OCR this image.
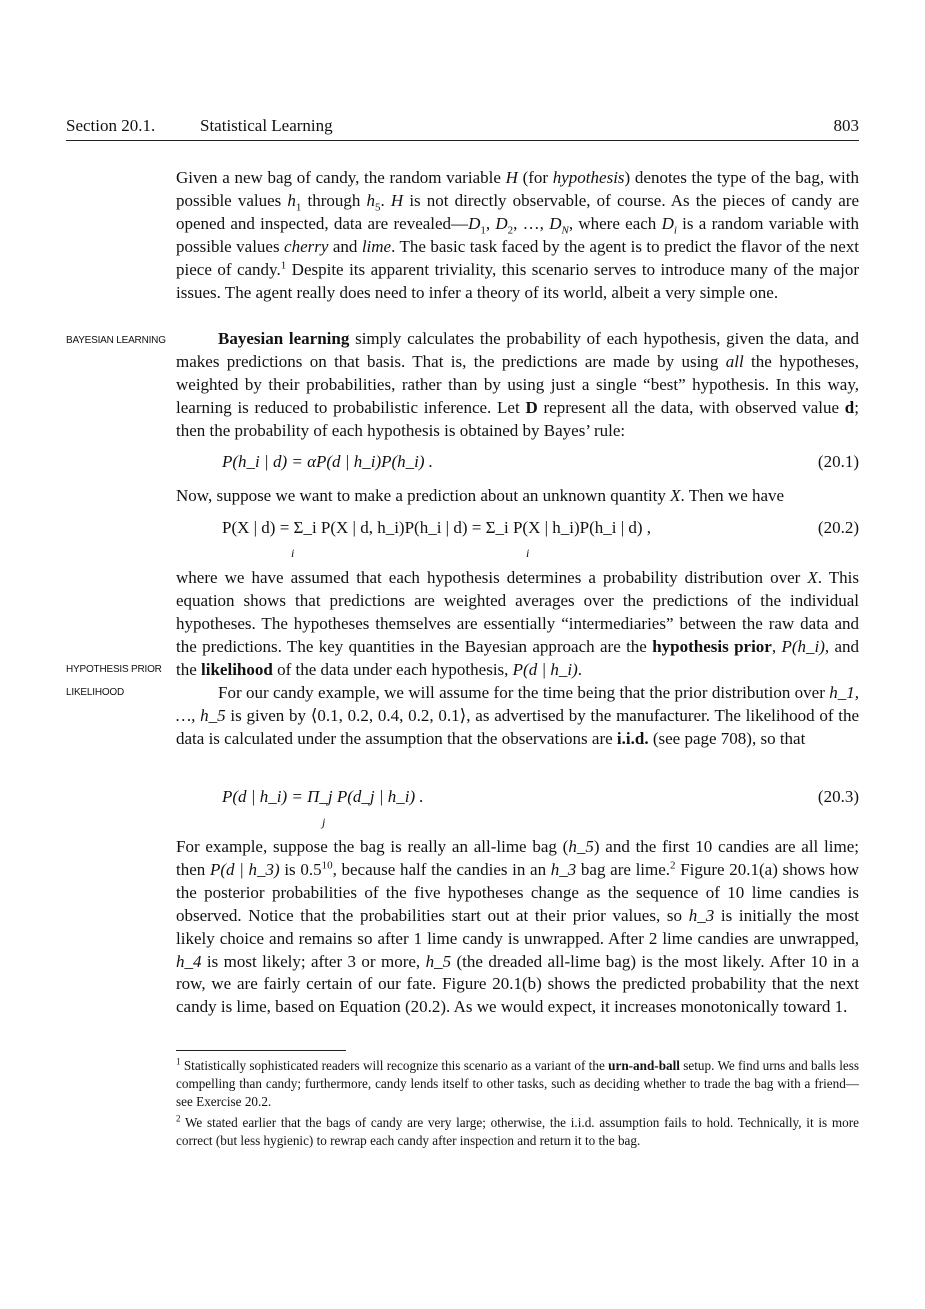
Section 20.1.	Statistical Learning	803
BAYESIAN LEARNING
HYPOTHESIS PRIOR
LIKELIHOOD

Given a new bag of candy, the random variable H (for hypothesis) denotes the type of the bag, with possible values $h_1$ through $h_5$. H is not directly observable, of course. As the pieces of candy are opened and inspected, data are $revealed—D_1$, $D_2$, …, $D_N$, where each $D_i$ is a random variable with possible values cherry and lime. The basic task faced by the agent is to predict the flavor of the next piece of candy.$^1$ Despite its apparent triviality, this scenario serves to introduce many of the major issues. The agent really does need to infer a theory of its world, albeit a very simple one.

Bayesian learning simply calculates the probability of each hypothesis, given the data, and makes predictions on that basis. That is, the predictions are made by using all the hypotheses, weighted by their probabilities, rather than by using just a single “best” hypothesis. In this way, learning is reduced to probabilistic inference. Let D represent all the data, with observed value d; then the probability of each hypothesis is obtained by Bayes’ rule:

P(h_i | d) = αP(d | h_i)P(h_i) .	(20.1)

Now, suppose we want to make a prediction about an unknown quantity X. Then we have

P(X | d) = Σ_i P(X | d, h_i)P(h_i | d) = Σ_i P(X | h_i)P(h_i | d) ,	(20.2)
i	i

where we have assumed that each hypothesis determines a probability distribution over X. This equation shows that predictions are weighted averages over the predictions of the individual hypotheses. The hypotheses themselves are essentially “intermediaries” between the raw data and the predictions. The key quantities in the Bayesian approach are the hypothesis prior, P(h_i), and the likelihood of the data under each hypothesis, P(d | h_i).

For our candy example, we will assume for the time being that the prior distribution over h_1, …, h_5 is given by ⟨0.1, 0.2, 0.4, 0.2, 0.1⟩, as advertised by the manufacturer. The likelihood of the data is calculated under the assumption that the observations are i.i.d. (see page 708), so that

P(d | h_i) = Π_j P(d_j | h_i) .	(20.3)
j

For example, suppose the bag is really an all-lime bag (h_5) and the first 10 candies are all lime; then P(d | h_3) is $0.5^{10}$, because half the candies in an h_3 bag are lime.$^2$ Figure 20.1(a) shows how the posterior probabilities of the five hypotheses change as the sequence of 10 lime candies is observed. Notice that the probabilities start out at their prior values, so h_3 is initially the most likely choice and remains so after 1 lime candy is unwrapped. After 2 lime candies are unwrapped, h_4 is most likely; after 3 or more, h_5 (the dreaded all-lime bag) is the most likely. After 10 in a row, we are fairly certain of our fate. Figure 20.1(b) shows the predicted probability that the next candy is lime, based on Equation (20.2). As we would expect, it increases monotonically toward 1.

$^1$ Statistically sophisticated readers will recognize this scenario as a variant of the urn-and-ball setup. We find urns and balls less compelling than candy; furthermore, candy lends itself to other tasks, such as deciding whether to trade the bag with a friend—see Exercise 20.2.
$^2$ We stated earlier that the bags of candy are very large; otherwise, the i.i.d. assumption fails to hold. Technically, it is more correct (but less hygienic) to rewrap each candy after inspection and return it to the bag.
